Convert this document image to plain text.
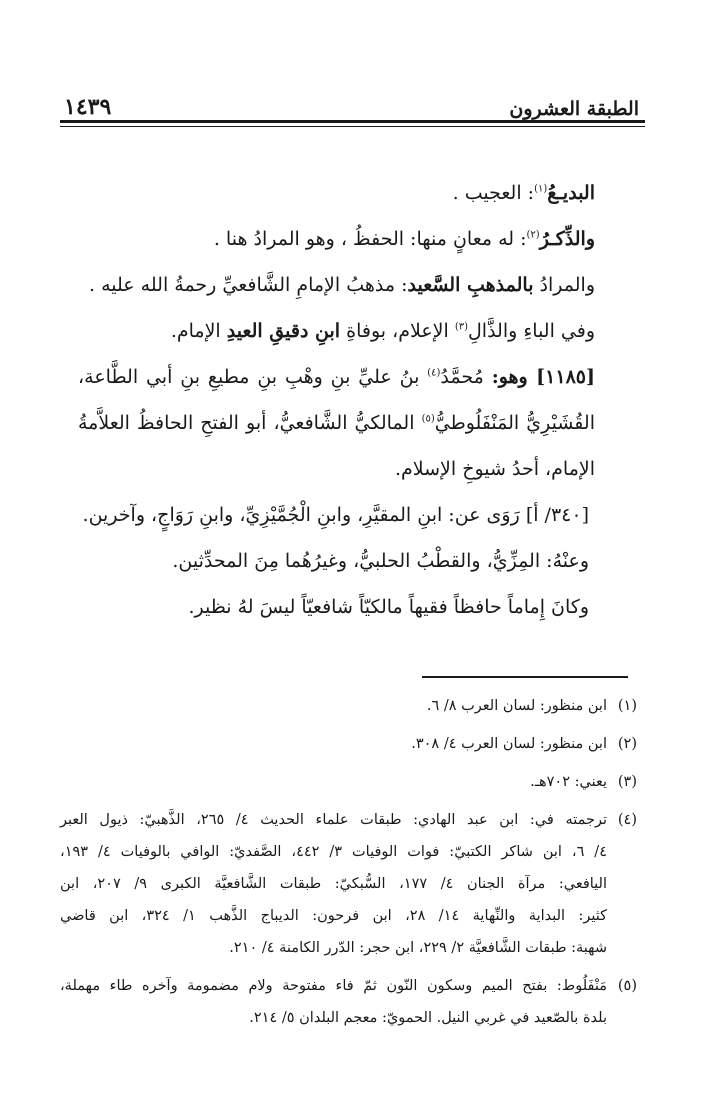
الطبقة العشرون
١٤٣٩
البديـعُ$^{(١)}$: العجيب .
والذِّكـرُ$^{(٢)}$: له معانٍ منها: الحفظُ ، وهو المرادُ هنا .
والمرادُ بالمذهبِ السَّعيد: مذهبُ الإمامِ الشَّافعيِّ رحمةُ الله عليه .
وفي الباءِ والذَّالِ$^{(٣)}$ الإعلام، بوفاةِ ابنِ دقيقِ العيدِ الإمام.
[١١٨٥] وهو: مُحمَّدُ$^{(٤)}$ بنُ عليِّ بنِ وهْبِ بنِ مطيعِ بنِ أبي الطَّاعة،
القُشَيْرِيُّ المَنْفَلُوطيُّ$^{(٥)}$ المالكيُّ الشَّافعيُّ، أبو الفتحِ الحافظُ العلاَّمةُ
الإمام، أحدُ شيوخِ الإسلام.
[٣٤٠/ أ] رَوَى عن: ابنِ المقيَّرِ، وابنِ الْجُمَّيْزِيِّ، وابنِ رَوَاجٍ، وآخرين.
وعنْهُ: المِزِّيُّ، والقطْبُ الحلبيُّ، وغيرُهُما مِنَ المحدِّثين.
وكانَ إِماماً حافظاً فقيهاً مالكيّاً شافعيّاً ليسَ لهُ نظير.
(١)
ابن منظور: لسان العرب ٨/ ٦.
(٢)
ابن منظور: لسان العرب ٤/ ٣٠٨.
(٣)
يعني: ٧٠٢هـ.
(٤)
ترجمته في: ابن عبد الهادي: طبقات علماء الحديث ٤/ ٢٦٥، الذَّهبيّ: ذيول العبر
٤/ ٦، ابن شاكر الكتبيّ: فوات الوفيات ٣/ ٤٤٢، الصَّفديّ: الوافي بالوفيات ٤/ ١٩٣،
اليافعي: مرآة الجنان ٤/ ١٧٧، السُّبكيّ: طبقات الشَّافعيَّة الكبرى ٩/ ٢٠٧، ابن
كثير: البداية والنِّهاية ١٤/ ٢٨، ابن فرحون: الديباج الذَّهب ١/ ٣٢٤، ابن قاضي
شهبة: طبقات الشَّافعيَّة ٢/ ٢٢٩، ابن حجر: الدّرر الكامنة ٤/ ٢١٠.
(٥)
مَنْفَلُوط: بفتح الميم وسكون النّون ثمّ فاء مفتوحة ولام مضمومة وآخره طاء مهملة،
بلدة بالصّعيد في غربي النيل. الحمويّ: معجم البلدان ٥/ ٢١٤.
